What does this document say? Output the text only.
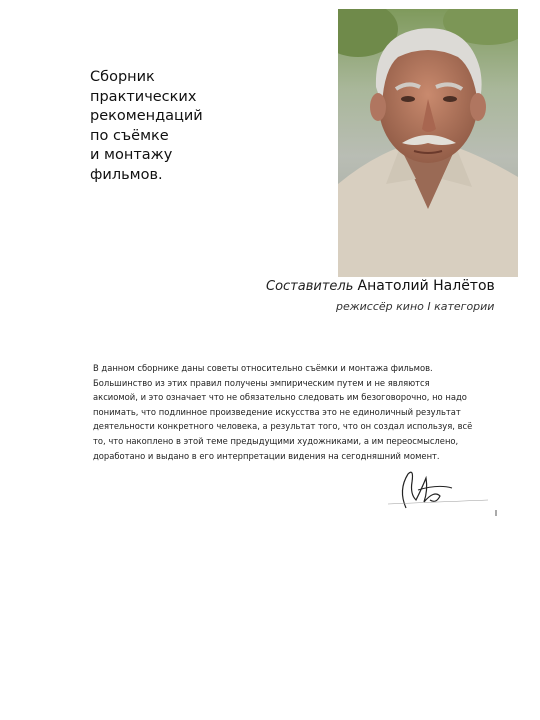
Сборник
практических
рекомендаций
по съёмке
и монтажу
фильмов.
Составитель Анатолий Налётов
режиссёр кино I категории
В данном сборнике даны советы относительно съёмки и монтажа фильмов.
Большинство из этих правил получены эмпирическим путем и не являются
аксиомой, и это означает что не обязательно следовать им безоговорочно, но надо
понимать, что подлинное произведение искусства это не единоличный результат
деятельности конкретного человека, а результат того, что он создал используя, всё
то, что накоплено в этой теме предыдущими художниками, а им переосмыслено,
доработано и выдано в его интерпретации видения на сегодняшний момент.
